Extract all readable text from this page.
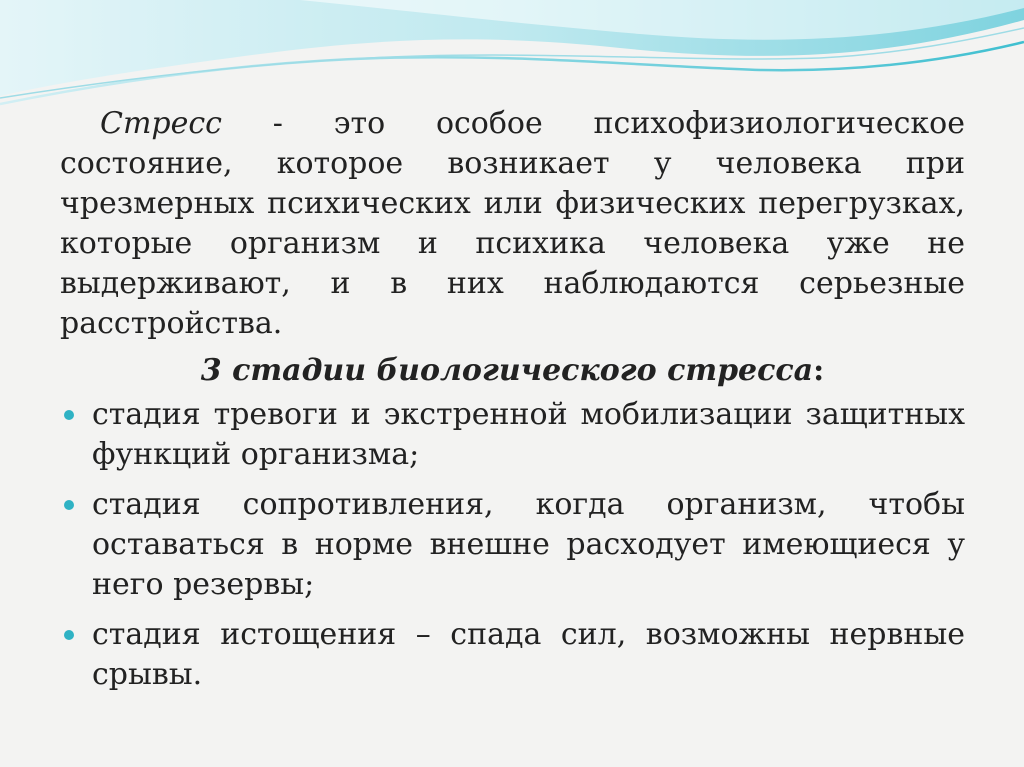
Стресс - это особое психофизиологическое состояние, которое возникает у человека при чрезмерных психических или физических перегрузках, которые организм и психика человека уже не выдерживают, и в них наблюдаются серьезные расстройства.

3 стадии биологического стресса:
стадия тревоги и экстренной мобилизации защитных функций организма;
стадия сопротивления, когда организм, чтобы оставаться в норме внешне расходует имеющиеся у него резервы;
стадия истощения – спада сил, возможны нервные срывы.
